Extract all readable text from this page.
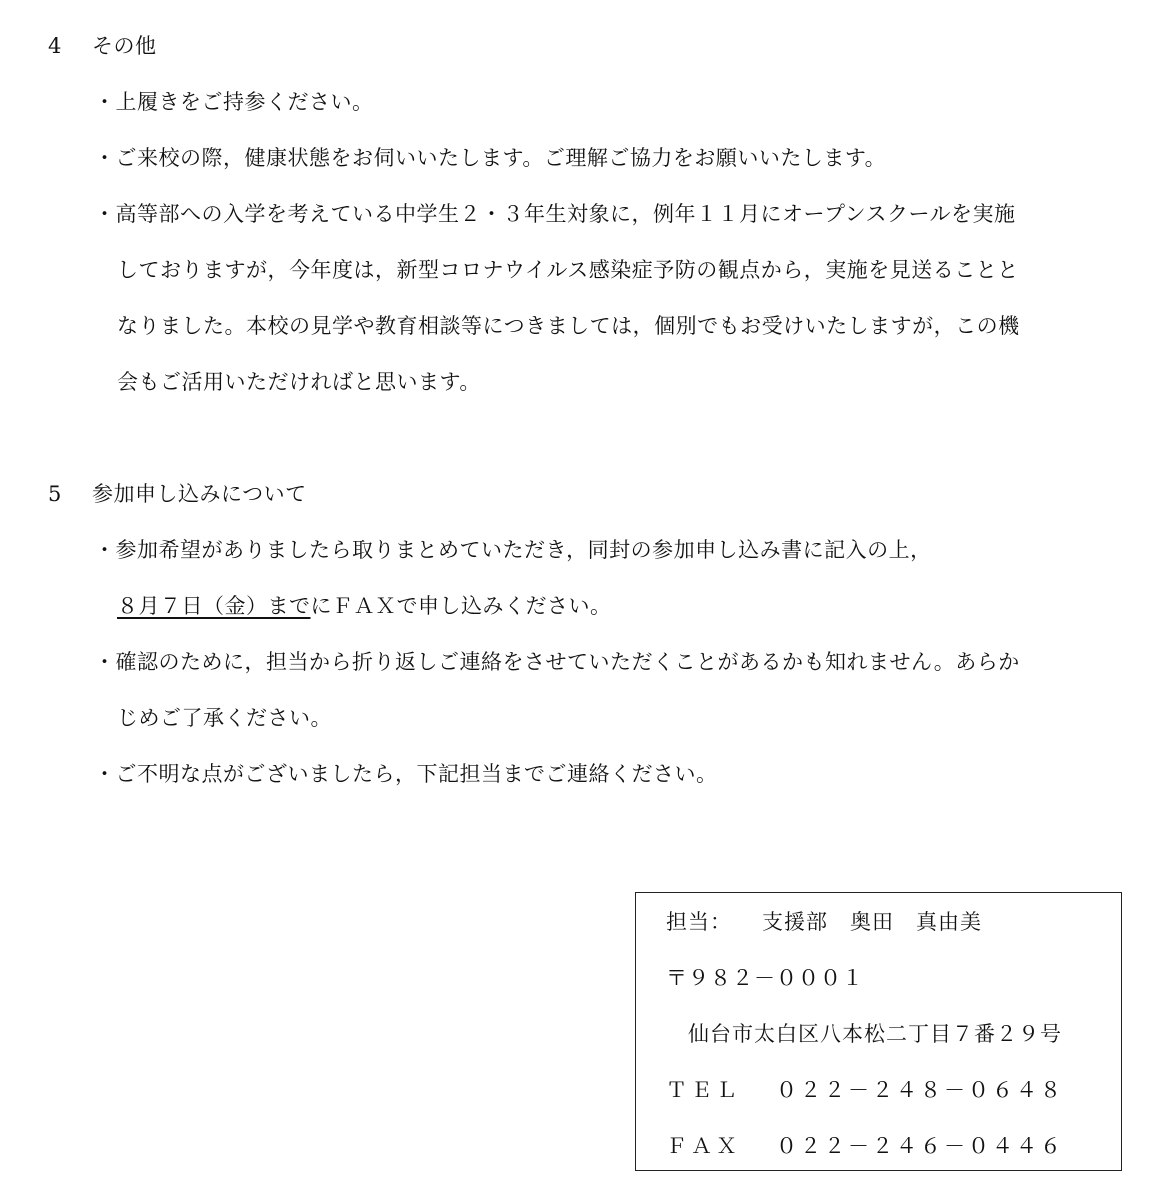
4 その他
・上履きをご持参ください。
・ご来校の際，健康状態をお伺いいたします。ご理解ご協力をお願いいたします。
・高等部への入学を考えている中学生２・３年生対象に，例年１１月にオープンスクールを実施
しておりますが，今年度は，新型コロナウイルス感染症予防の観点から，実施を見送ることと
なりました。本校の見学や教育相談等につきましては，個別でもお受けいたしますが，この機
会もご活用いただければと思います。
5 参加申し込みについて
・参加希望がありましたら取りまとめていただき，同封の参加申し込み書に記入の上，
８月７日（金）までにＦＡＸで申し込みください。
・確認のために，担当から折り返しご連絡をさせていただくことがあるかも知れません。あらか
じめご了承ください。
・ご不明な点がございましたら，下記担当までご連絡ください。
担当： 支援部　奥田　真由美
〒９８２－０００１
仙台市太白区八本松二丁目７番２９号
ＴＥＬ ０２２－２４８－０６４８
ＦＡＸ ０２２－２４６－０４４６
